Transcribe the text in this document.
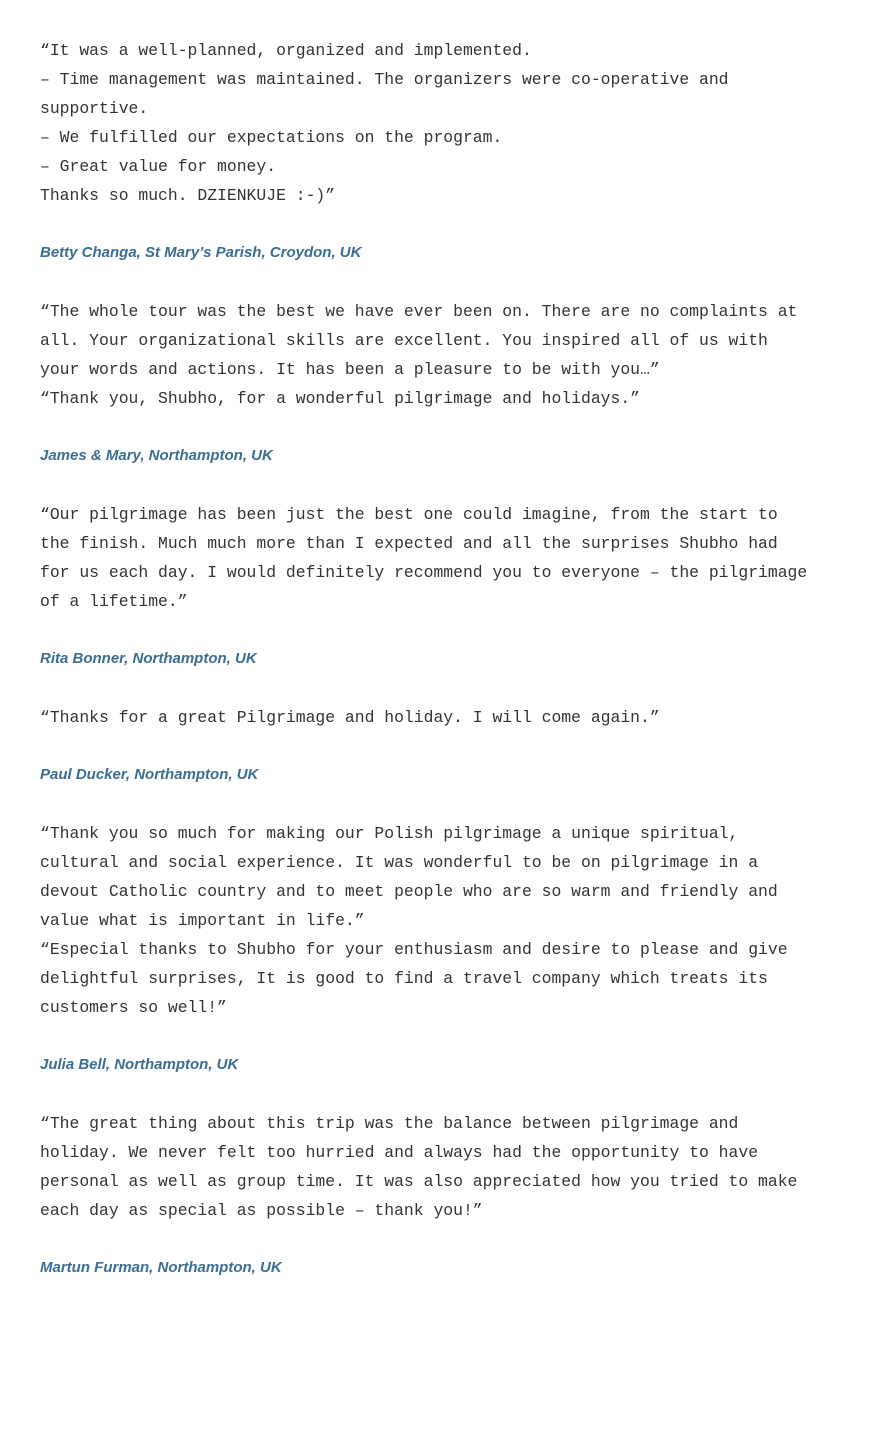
“It was a well-planned, organized and implemented.
– Time management was maintained. The organizers were co-operative and
supportive.
– We fulfilled our expectations on the program.
– Great value for money.
Thanks so much. DZIENKUJE :-)”

Betty Changa, St Mary’s Parish, Croydon, UK

“The whole tour was the best we have ever been on. There are no complaints at
all. Your organizational skills are excellent. You inspired all of us with
your words and actions. It has been a pleasure to be with you…”
“Thank you, Shubho, for a wonderful pilgrimage and holidays.”

James & Mary, Northampton, UK

“Our pilgrimage has been just the best one could imagine, from the start to
the finish. Much much more than I expected and all the surprises Shubho had
for us each day. I would definitely recommend you to everyone – the pilgrimage
of a lifetime.”

Rita Bonner, Northampton, UK

“Thanks for a great Pilgrimage and holiday. I will come again.”

Paul Ducker, Northampton, UK

“Thank you so much for making our Polish pilgrimage a unique spiritual,
cultural and social experience. It was wonderful to be on pilgrimage in a
devout Catholic country and to meet people who are so warm and friendly and
value what is important in life.”
“Especial thanks to Shubho for your enthusiasm and desire to please and give
delightful surprises, It is good to find a travel company which treats its
customers so well!”

Julia Bell, Northampton, UK

“The great thing about this trip was the balance between pilgrimage and
holiday. We never felt too hurried and always had the opportunity to have
personal as well as group time. It was also appreciated how you tried to make
each day as special as possible – thank you!”

Martun Furman, Northampton, UK
